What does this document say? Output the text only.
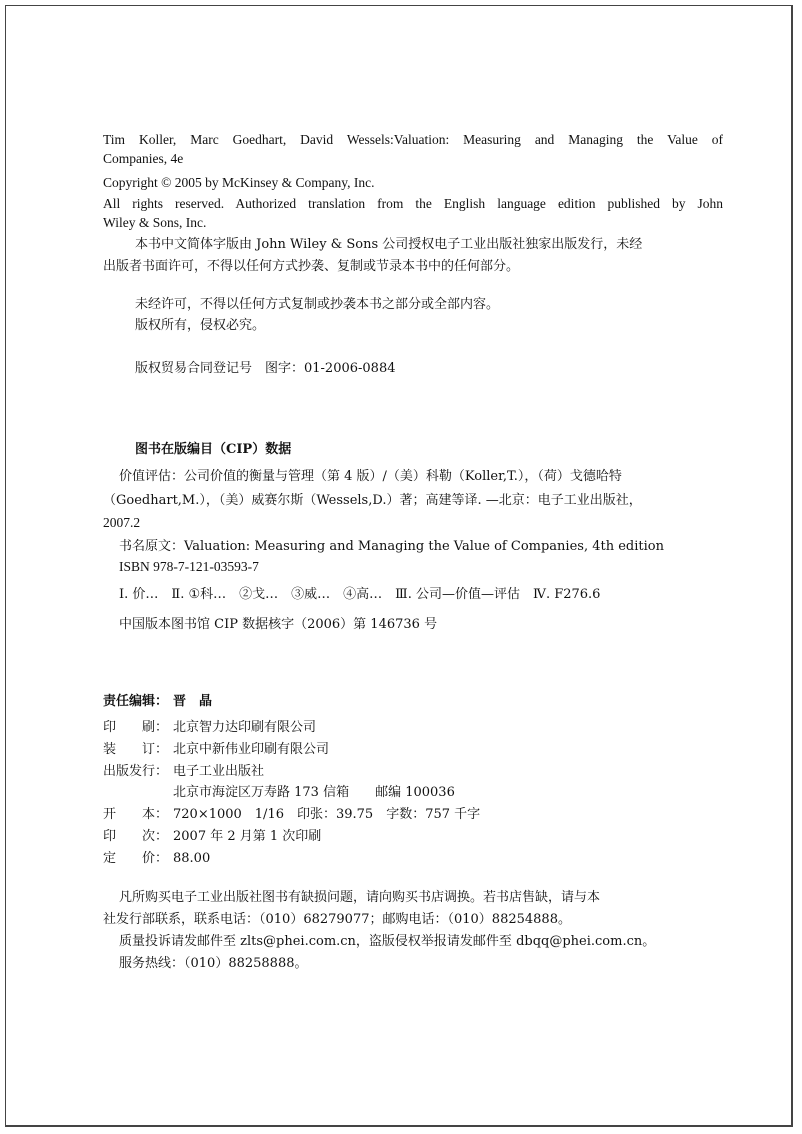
Tim Koller, Marc Goedhart, David Wessels:Valuation: Measuring and Managing the Value of
Companies, 4e
Copyright © 2005 by McKinsey & Company, Inc.
All rights reserved. Authorized translation from the English language edition published by John
Wiley & Sons, Inc.
本书中文简体字版由 John Wiley & Sons 公司授权电子工业出版社独家出版发行，未经
出版者书面许可，不得以任何方式抄袭、复制或节录本书中的任何部分。
未经许可，不得以任何方式复制或抄袭本书之部分或全部内容。
版权所有，侵权必究。
版权贸易合同登记号　图字：01-2006-0884
图书在版编目（CIP）数据
价值评估：公司价值的衡量与管理（第 4 版）/（美）科勒（Koller,T.），（荷）戈德哈特
（Goedhart,M.），（美）威赛尔斯（Wessels,D.）著；高建等译. —北京：电子工业出版社，
2007.2
书名原文：Valuation: Measuring and Managing the Value of Companies, 4th edition
ISBN 978-7-121-03593-7
Ⅰ. 价…　Ⅱ. ①科…　②戈…　③威…　④高…　Ⅲ. 公司—价值—评估　Ⅳ. F276.6
中国版本图书馆 CIP 数据核字（2006）第 146736 号
责任编辑： 晋　晶
印　　刷： 北京智力达印刷有限公司
装　　订： 北京中新伟业印刷有限公司
出版发行： 电子工业出版社
北京市海淀区万寿路 173 信箱　　邮编 100036
开　　本： 720×1000　1/16　印张：39.75　字数：757 千字
印　　次： 2007 年 2 月第 1 次印刷
定　　价： 88.00
凡所购买电子工业出版社图书有缺损问题，请向购买书店调换。若书店售缺，请与本
社发行部联系，联系电话：（010）68279077；邮购电话：（010）88254888。
质量投诉请发邮件至 zlts@phei.com.cn，盗版侵权举报请发邮件至 dbqq@phei.com.cn。
服务热线：（010）88258888。
